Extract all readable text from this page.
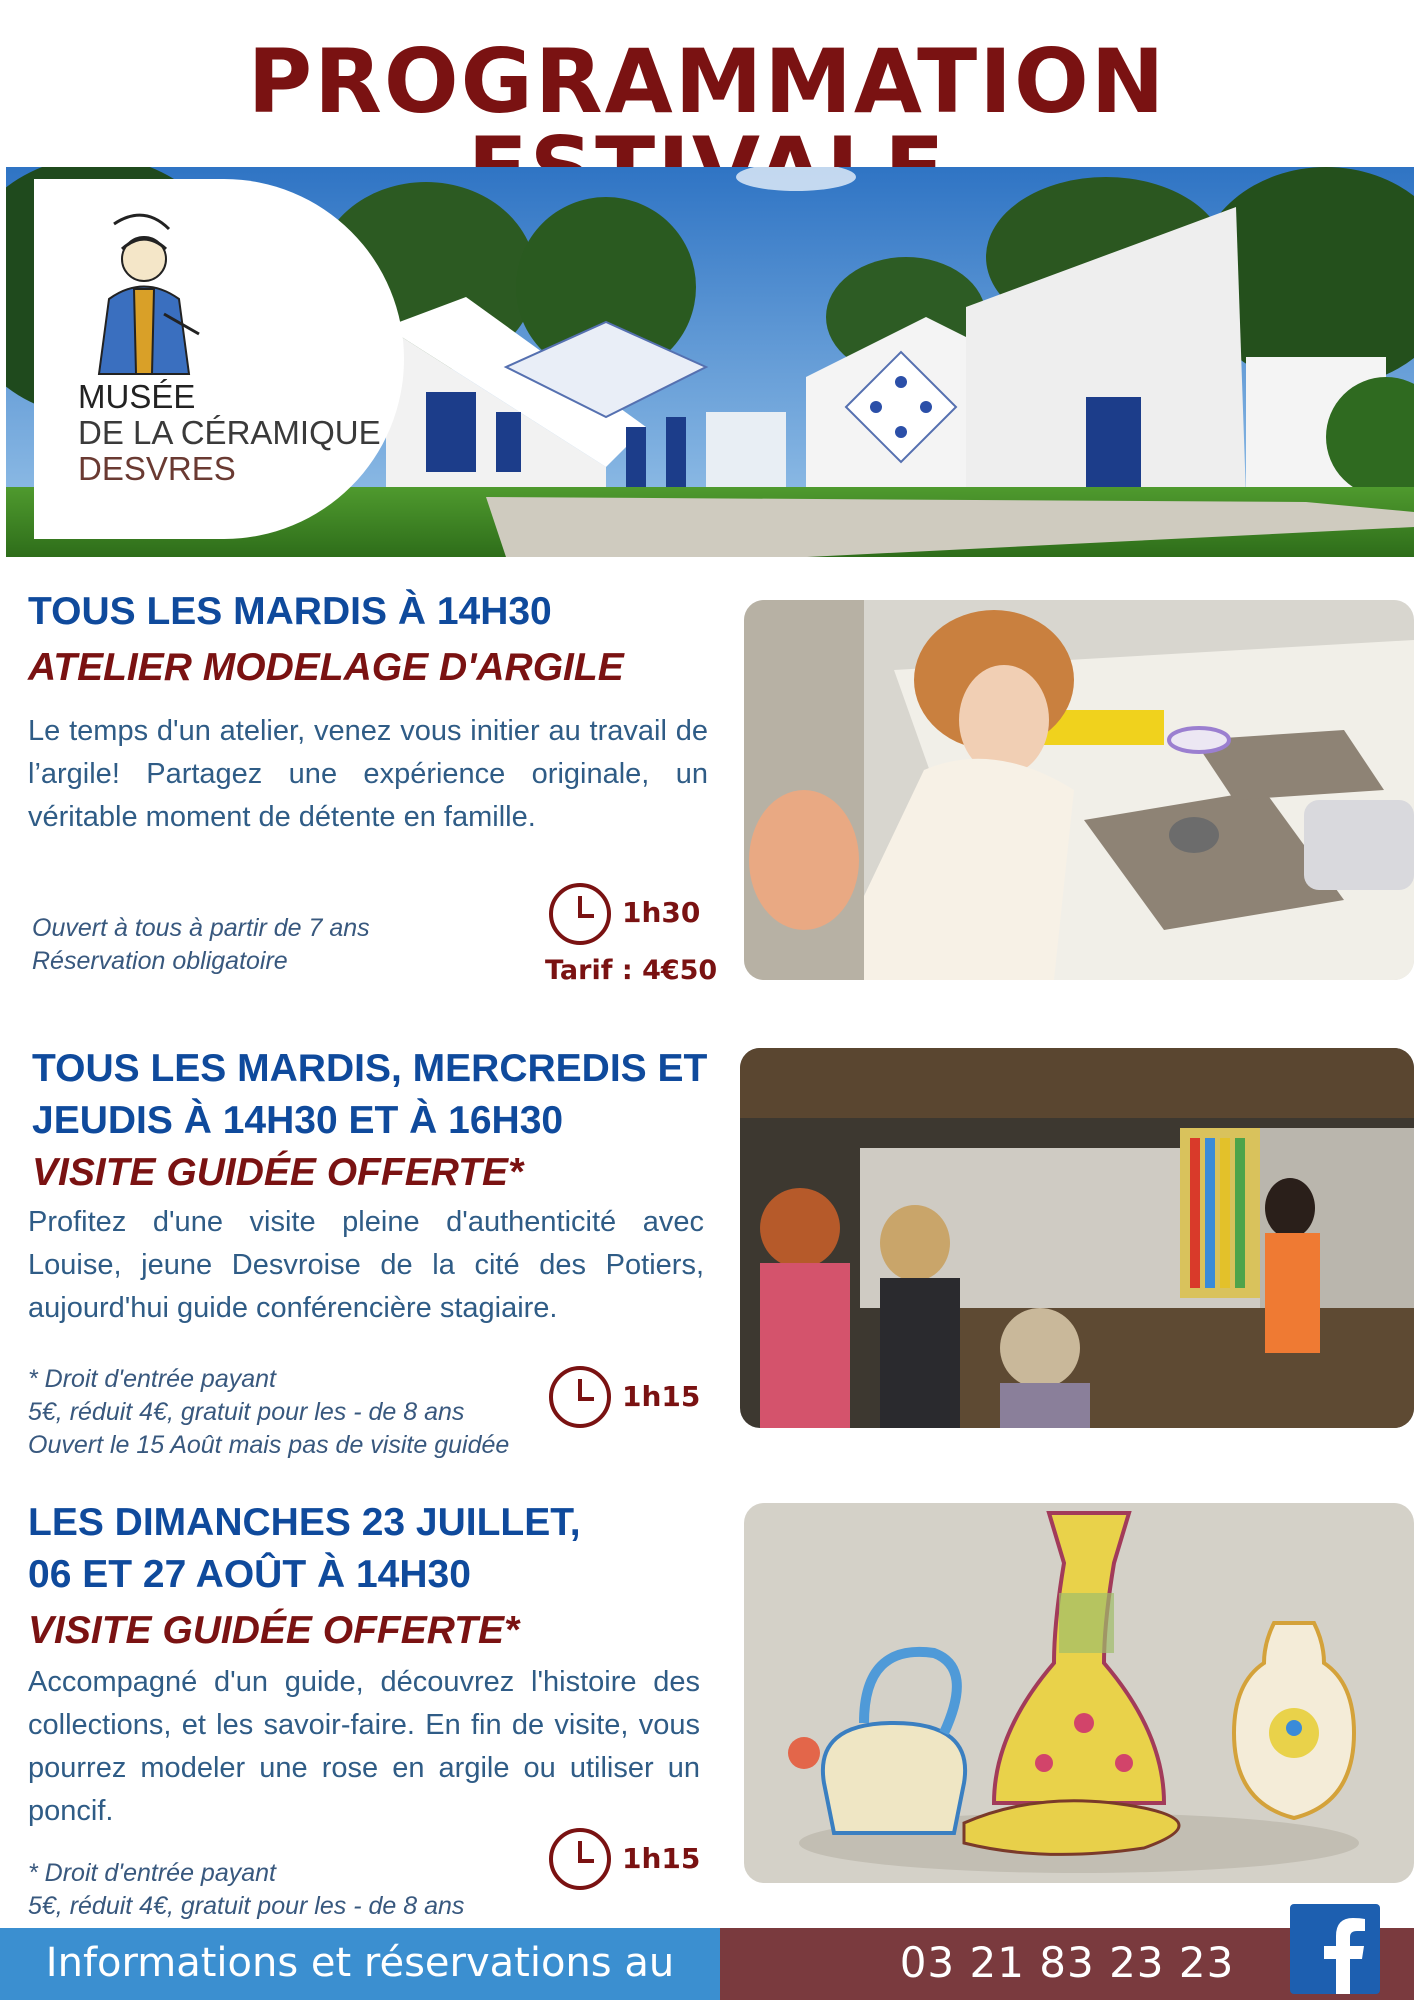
PROGRAMMATION
MUSÉE
DE LA CÉRAMIQUE
DESVRES

TOUS LES MARDIS À 14H30

ATELIER MODELAGE D'ARGILE

Le temps d'un atelier, venez vous initier au travail de l’argile! Partagez une expérience originale, un véritable moment de détente en famille.

Ouvert à tous à partir de 7 ans

Réservation obligatoire

1h30
Tarif : 4€50

TOUS LES MARDIS, MERCREDIS ET

JEUDIS À 14H30 ET À 16H30

VISITE GUIDÉE OFFERTE*

Profitez d'une visite pleine d'authenticité avec Louise, jeune Desvroise de la cité des Potiers, aujourd'hui guide conférencière stagiaire.

* Droit d'entrée payant

5€, réduit 4€, gratuit pour les - de 8 ans

Ouvert le 15 Août mais pas de visite guidée

1h15

LES DIMANCHES 23 JUILLET,

06 ET 27 AOÛT À 14H30

VISITE GUIDÉE OFFERTE*

Accompagné d'un guide, découvrez l'histoire des collections, et les savoir-faire. En fin de visite, vous pourrez modeler une rose en argile ou utiliser un poncif.

* Droit d'entrée payant

5€, réduit 4€, gratuit pour les - de 8 ans

1h15
Informations et réservations au	03 21 83 23 23
